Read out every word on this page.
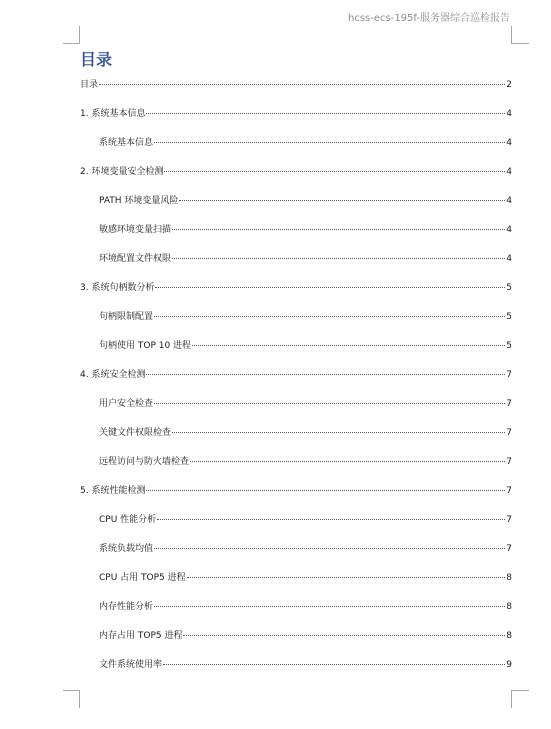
hcss-ecs-195f-服务器综合巡检报告
目录
目录	2
1. 系统基本信息	4
系统基本信息	4
2. 环境变量安全检测	4
PATH 环境变量风险	4
敏感环境变量扫描	4
环境配置文件权限	4
3. 系统句柄数分析	5
句柄限制配置	5
句柄使用 TOP 10 进程	5
4. 系统安全检测	7
用户安全检查	7
关键文件权限检查	7
远程访问与防火墙检查	7
5. 系统性能检测	7
CPU 性能分析	7
系统负载均值	7
CPU 占用 TOP5 进程	8
内存性能分析	8
内存占用 TOP5 进程	8
文件系统使用率	9
